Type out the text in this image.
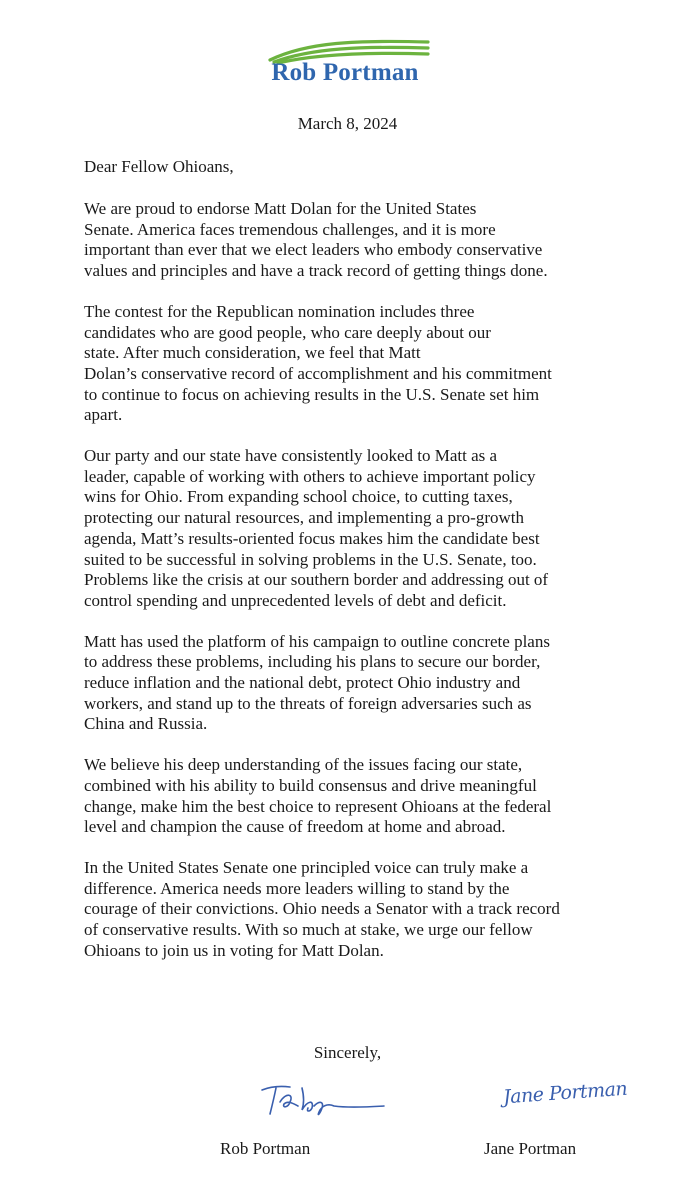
Rob Portman
March 8, 2024
Dear Fellow Ohioans,

We are proud to endorse Matt Dolan for the United States
Senate. America faces tremendous challenges, and it is more
important than ever that we elect leaders who embody conservative
values and principles and have a track record of getting things done.

The contest for the Republican nomination includes three
candidates who are good people, who care deeply about our
state. After much consideration, we feel that Matt
Dolan’s conservative record of accomplishment and his commitment
to continue to focus on achieving results in the U.S. Senate set him
apart.

Our party and our state have consistently looked to Matt as a
leader, capable of working with others to achieve important policy
wins for Ohio. From expanding school choice, to cutting taxes,
protecting our natural resources, and implementing a pro-growth
agenda, Matt’s results-oriented focus makes him the candidate best
suited to be successful in solving problems in the U.S. Senate, too.
Problems like the crisis at our southern border and addressing out of
control spending and unprecedented levels of debt and deficit.

Matt has used the platform of his campaign to outline concrete plans
to address these problems, including his plans to secure our border,
reduce inflation and the national debt, protect Ohio industry and
workers, and stand up to the threats of foreign adversaries such as
China and Russia.

We believe his deep understanding of the issues facing our state,
combined with his ability to build consensus and drive meaningful
change, make him the best choice to represent Ohioans at the federal
level and champion the cause of freedom at home and abroad.

In the United States Senate one principled voice can truly make a
difference. America needs more leaders willing to stand by the
courage of their convictions. Ohio needs a Senator with a track record
of conservative results. With so much at stake, we urge our fellow
Ohioans to join us in voting for Matt Dolan.

Sincerely,
Jane Portman
Rob Portman	Jane Portman
